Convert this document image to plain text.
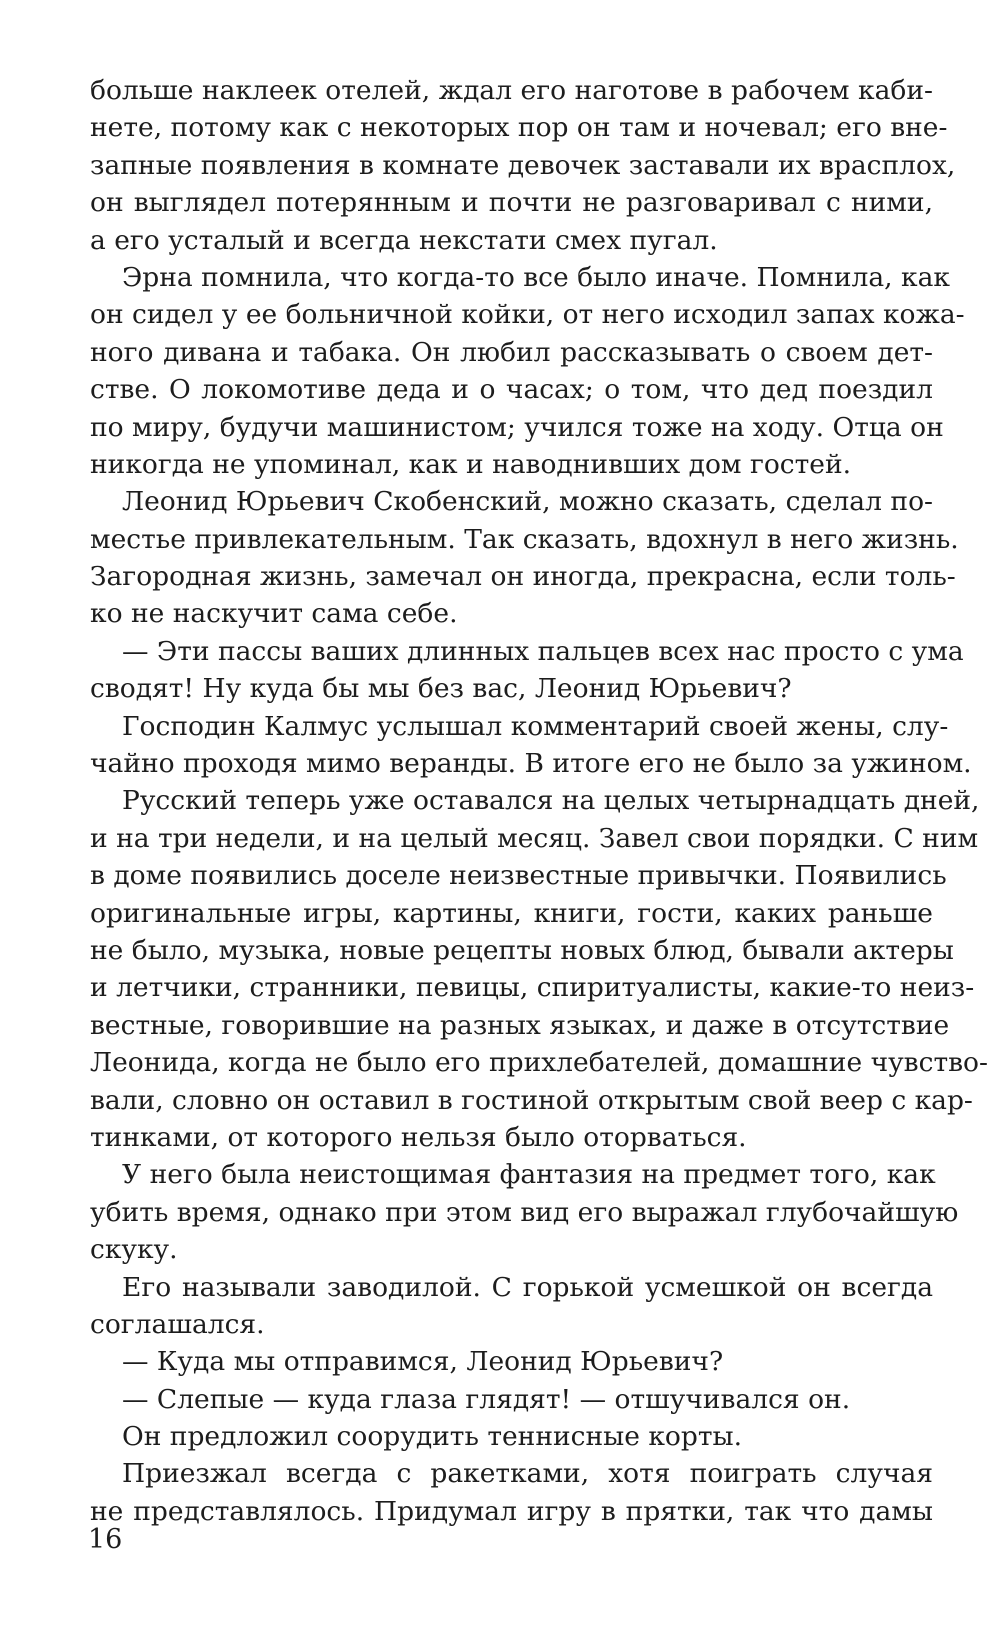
больше наклеек отелей, ждал его наготове в рабочем каби-
нете, потому как с некоторых пор он там и ночевал; его вне-
запные появления в комнате девочек заставали их врасплох,
он выглядел потерянным и почти не разговаривал с ними,
а его усталый и всегда некстати смех пугал.
Эрна помнила, что когда-то все было иначе. Помнила, как
он сидел у ее больничной койки, от него исходил запах кожа-
ного дивана и табака. Он любил рассказывать о своем дет-
стве. О локомотиве деда и о часах; о том, что дед поездил
по миру, будучи машинистом; учился тоже на ходу. Отца он
никогда не упоминал, как и наводнивших дом гостей.
Леонид Юрьевич Скобенский, можно сказать, сделал по-
местье привлекательным. Так сказать, вдохнул в него жизнь.
Загородная жизнь, замечал он иногда, прекрасна, если толь-
ко не наскучит сама себе.
— Эти пассы ваших длинных пальцев всех нас просто с ума
сводят! Ну куда бы мы без вас, Леонид Юрьевич?
Господин Калмус услышал комментарий своей жены, слу-
чайно проходя мимо веранды. В итоге его не было за ужином.
Русский теперь уже оставался на целых четырнадцать дней,
и на три недели, и на целый месяц. Завел свои порядки. С ним
в доме появились доселе неизвестные привычки. Появились
оригинальные игры, картины, книги, гости, каких раньше
не было, музыка, новые рецепты новых блюд, бывали актеры
и летчики, странники, певицы, спиритуалисты, какие-то неиз-
вестные, говорившие на разных языках, и даже в отсутствие
Леонида, когда не было его прихлебателей, домашние чувство-
вали, словно он оставил в гостиной открытым свой веер с кар-
тинками, от которого нельзя было оторваться.
У него была неистощимая фантазия на предмет того, как
убить время, однако при этом вид его выражал глубочайшую
скуку.
Его называли заводилой. С горькой усмешкой он всегда
соглашался.
— Куда мы отправимся, Леонид Юрьевич?
— Слепые — куда глаза глядят! — отшучивался он.
Он предложил соорудить теннисные корты.
Приезжал всегда с ракетками, хотя поиграть случая
не представлялось. Придумал игру в прятки, так что дамы
16
